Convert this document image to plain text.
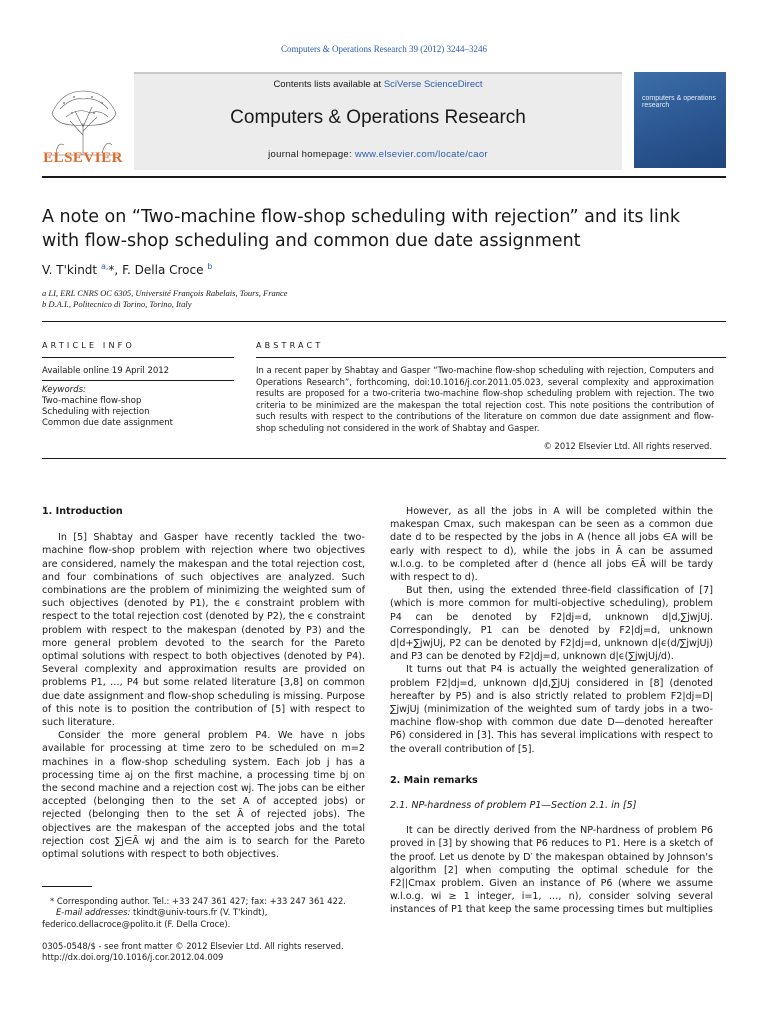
Computers & Operations Research 39 (2012) 3244–3246
ELSEVIER
Contents lists available at SciVerse ScienceDirect
Computers & Operations Research
journal homepage: www.elsevier.com/locate/caor
computers & operations research
A note on “Two-machine flow-shop scheduling with rejection” and its link
with flow-shop scheduling and common due date assignment
V. T'kindt $^{a,}$*, F. Della Croce $^b$
a LI, ERL CNRS OC 6305, Université François Rabelais, Tours, France
b D.A.I., Politecnico di Torino, Torino, Italy
ARTICLE INFO
Available online 19 April 2012
Keywords:
Two-machine flow-shop
Scheduling with rejection
Common due date assignment
ABSTRACT
In a recent paper by Shabtay and Gasper “Two-machine flow-shop scheduling with rejection, Computers and Operations Research”, forthcoming, doi:10.1016/j.cor.2011.05.023, several complexity and approximation results are proposed for a two-criteria two-machine flow-shop scheduling problem with rejection. The two criteria to be minimized are the makespan the total rejection cost. This note positions the contribution of such results with respect to the contributions of the literature on common due date assignment and flow-shop scheduling not considered in the work of Shabtay and Gasper.
© 2012 Elsevier Ltd. All rights reserved.
1. Introduction

In [5] Shabtay and Gasper have recently tackled the two-machine flow-shop problem with rejection where two objectives are considered, namely the makespan and the total rejection cost, and four combinations of such objectives are analyzed. Such combinations are the problem of minimizing the weighted sum of such objectives (denoted by P1), the ϵ constraint problem with respect to the total rejection cost (denoted by P2), the ϵ constraint problem with respect to the makespan (denoted by P3) and the more general problem devoted to the search for the Pareto optimal solutions with respect to both objectives (denoted by P4). Several complexity and approximation results are provided on problems P1, …, P4 but some related literature [3,8] on common due date assignment and flow-shop scheduling is missing. Purpose of this note is to position the contribution of [5] with respect to such literature.

Consider the more general problem P4. We have n jobs available for processing at time zero to be scheduled on m=2 machines in a flow-shop scheduling system. Each job j has a processing time aj on the first machine, a processing time bj on the second machine and a rejection cost wj. The jobs can be either accepted (belonging then to the set A of accepted jobs) or rejected (belonging then to the set Ā of rejected jobs). The objectives are the makespan of the accepted jobs and the total rejection cost ∑j∈Ā wj and the aim is to search for the Pareto optimal solutions with respect to both objectives.

However, as all the jobs in A will be completed within the makespan Cmax, such makespan can be seen as a common due date d to be respected by the jobs in A (hence all jobs ∈A will be early with respect to d), while the jobs in Ā can be assumed w.l.o.g. to be completed after d (hence all jobs ∈Ā will be tardy with respect to d).

But then, using the extended three-field classification of [7] (which is more common for multi-objective scheduling), problem P4 can be denoted by F2|dj=d, unknown d|d,∑jwjUj. Correspondingly, P1 can be denoted by F2|dj=d, unknown d|d+∑jwjUj, P2 can be denoted by F2|dj=d, unknown d|ϵ(d/∑jwjUj) and P3 can be denoted by F2|dj=d, unknown d|ϵ(∑jwjUj/d).

It turns out that P4 is actually the weighted generalization of problem F2|dj=d, unknown d|d,∑jUj considered in [8] (denoted hereafter by P5) and is also strictly related to problem F2|dj=D|∑jwjUj (minimization of the weighted sum of tardy jobs in a two-machine flow-shop with common due date D—denoted hereafter P6) considered in [3]. This has several implications with respect to the overall contribution of [5].

2. Main remarks
2.1. NP-hardness of problem P1—Section 2.1. in [5]

It can be directly derived from the NP-hardness of problem P6 proved in [3] by showing that P6 reduces to P1. Here is a sketch of the proof. Let us denote by D′ the makespan obtained by Johnson's algorithm [2] when computing the optimal schedule for the F2||Cmax problem. Given an instance of P6 (where we assume w.l.o.g. wi ≥ 1 integer, i=1, …, n), consider solving several instances of P1 that keep the same processing times but multiplies

* Corresponding author. Tel.: +33 247 361 427; fax: +33 247 361 422.
E-mail addresses: tkindt@univ-tours.fr (V. T'kindt),
federico.dellacroce@polito.it (F. Della Croce).
0305-0548/$ - see front matter © 2012 Elsevier Ltd. All rights reserved.
http://dx.doi.org/10.1016/j.cor.2012.04.009
